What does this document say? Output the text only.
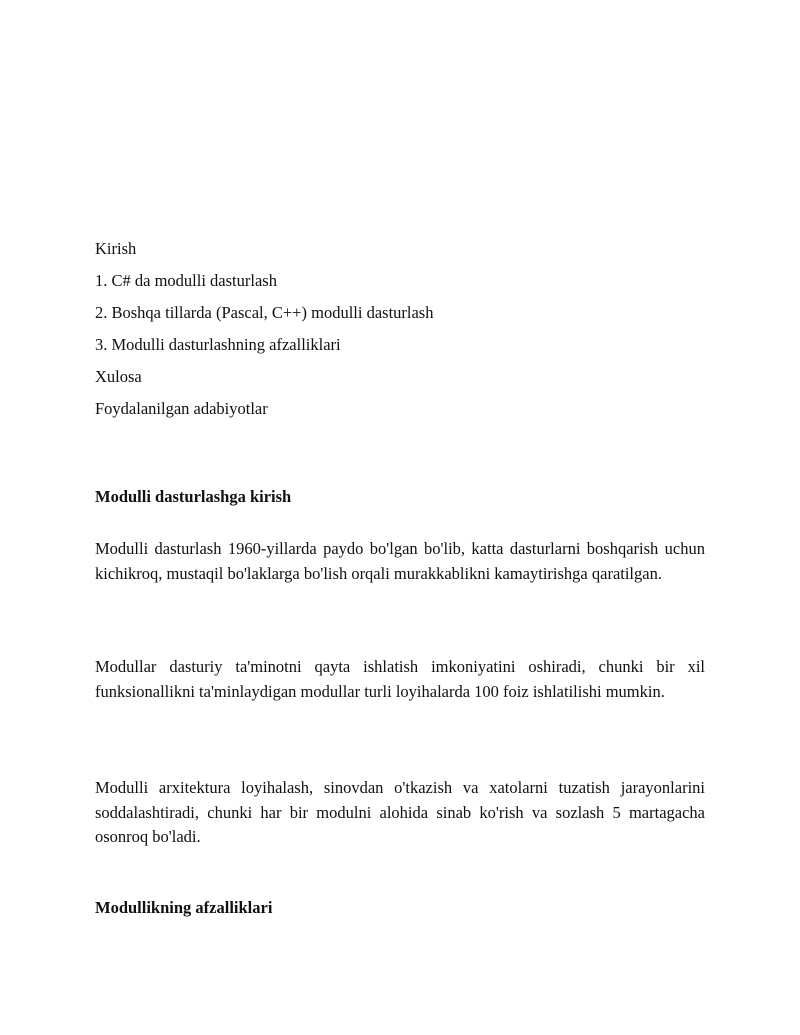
Kirish
1. C# da modulli dasturlash
2. Boshqa tillarda (Pascal, C++) modulli dasturlash
3. Modulli dasturlashning afzalliklari
Xulosa
Foydalanilgan adabiyotlar
Modulli dasturlashga kirish

Modulli dasturlash 1960-yillarda paydo bo'lgan bo'lib, katta dasturlarni boshqarish uchun kichikroq, mustaqil bo'laklarga bo'lish orqali murakkablikni kamaytirishga qaratilgan.

Modullar dasturiy ta'minotni qayta ishlatish imkoniyatini oshiradi, chunki bir xil funksionallikni ta'minlaydigan modullar turli loyihalarda 100 foiz ishlatilishi mumkin.

Modulli arxitektura loyihalash, sinovdan o'tkazish va xatolarni tuzatish jarayonlarini soddalashtiradi, chunki har bir modulni alohida sinab ko'rish va sozlash 5 martagacha osonroq bo'ladi.

Modullikning afzalliklari
